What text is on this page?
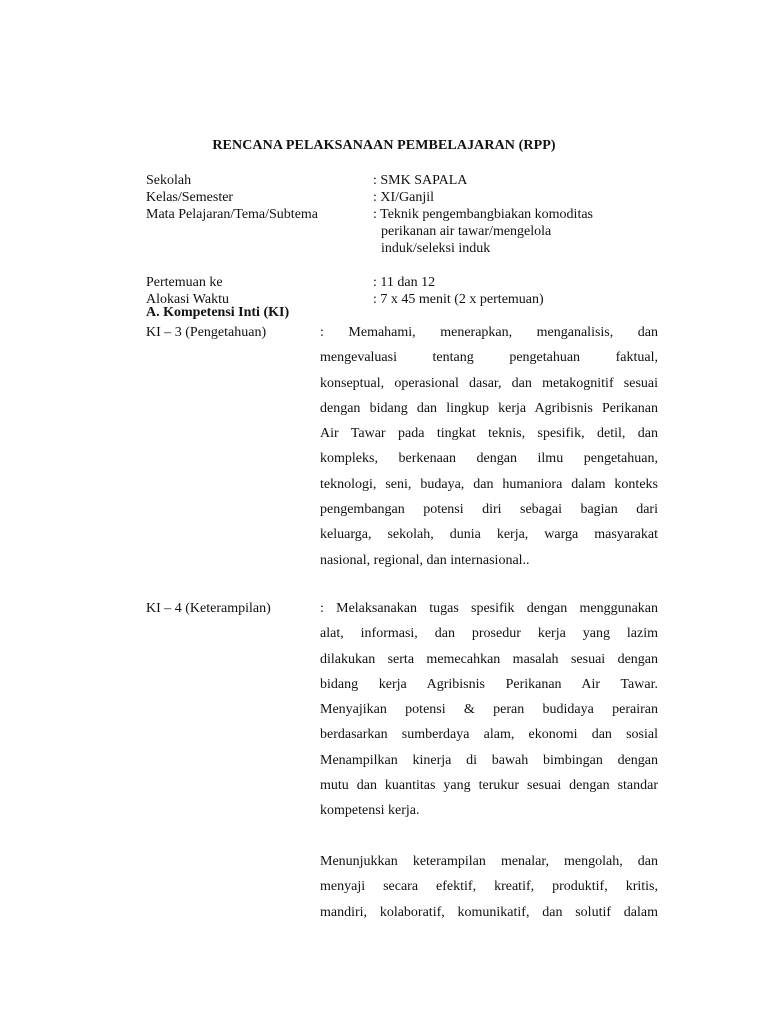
RENCANA PELAKSANAAN PEMBELAJARAN (RPP)
Sekolah	: SMK SAPALA
Kelas/Semester	: XI/Ganjil
Mata Pelajaran/Tema/Subtema	: Teknik pengembangbiakan komoditas
perikanan air tawar/mengelola
induk/seleksi induk
Pertemuan ke	: 11 dan 12
Alokasi Waktu	: 7 x 45 menit (2 x pertemuan)
A. Kompetensi Inti (KI)
KI – 3 (Pengetahuan)	: Memahami, menerapkan, menganalisis, dan
mengevaluasi tentang pengetahuan faktual,
konseptual, operasional dasar, dan metakognitif sesuai
dengan bidang dan lingkup kerja Agribisnis Perikanan
Air Tawar pada tingkat teknis, spesifik, detil, dan
kompleks, berkenaan dengan ilmu pengetahuan,
teknologi, seni, budaya, dan humaniora dalam konteks
pengembangan potensi diri sebagai bagian dari
keluarga, sekolah, dunia kerja, warga masyarakat
nasional, regional, dan internasional..
KI – 4 (Keterampilan)	: Melaksanakan tugas spesifik dengan menggunakan
alat, informasi, dan prosedur kerja yang lazim
dilakukan serta memecahkan masalah sesuai dengan
bidang kerja Agribisnis Perikanan Air Tawar.
Menyajikan potensi & peran budidaya perairan
berdasarkan sumberdaya alam, ekonomi dan sosial
Menampilkan kinerja di bawah bimbingan dengan
mutu dan kuantitas yang terukur sesuai dengan standar
kompetensi kerja.
Menunjukkan keterampilan menalar, mengolah, dan
menyaji secara efektif, kreatif, produktif, kritis,
mandiri, kolaboratif, komunikatif, dan solutif dalam
